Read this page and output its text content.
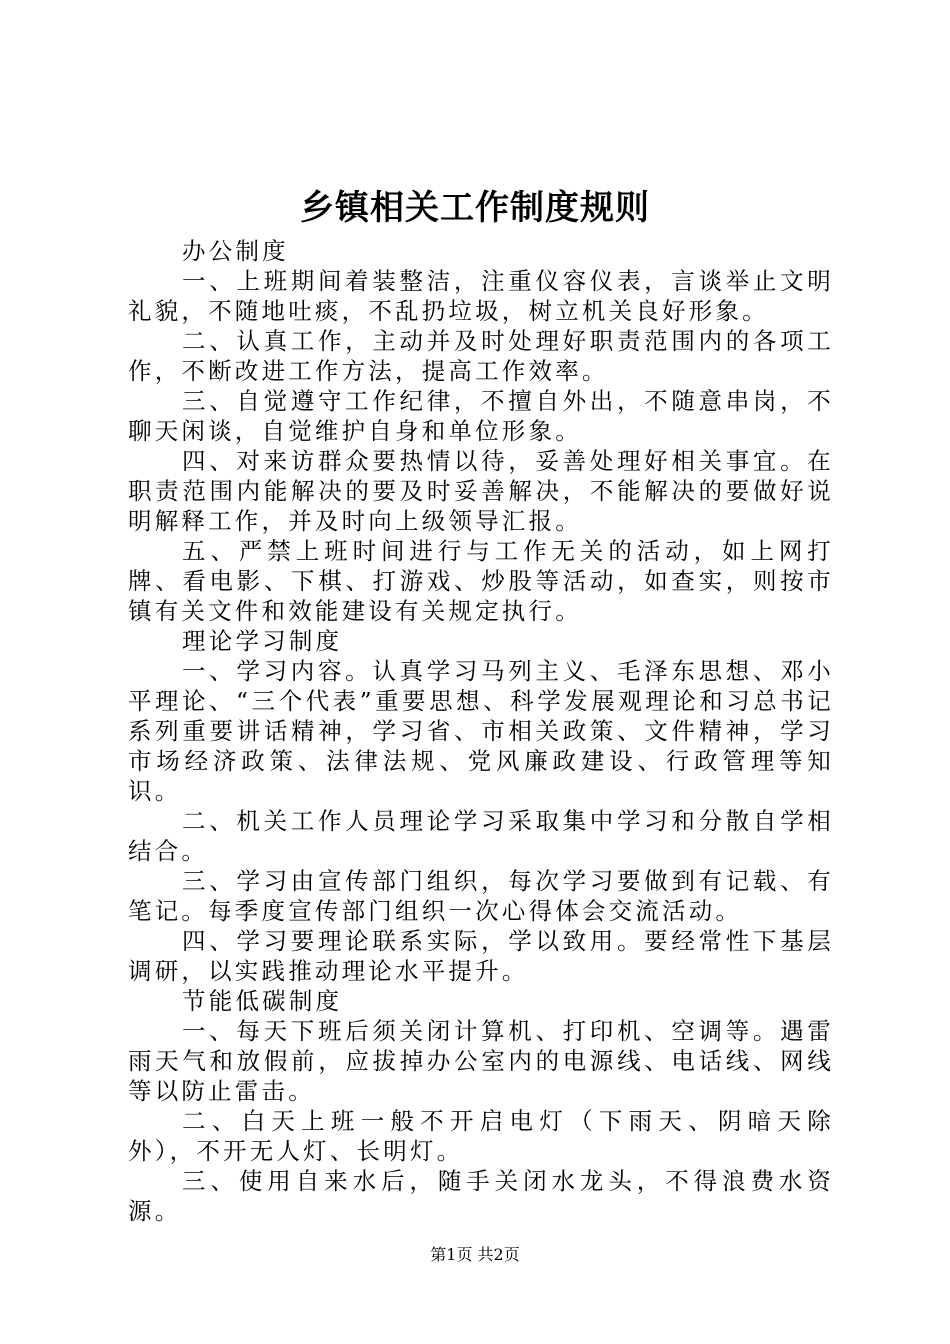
乡镇相关工作制度规则

办公制度

一、上班期间着装整洁，注重仪容仪表，言谈举止文明礼貌，不随地吐痰，不乱扔垃圾，树立机关良好形象。

二、认真工作，主动并及时处理好职责范围内的各项工作，不断改进工作方法，提高工作效率。

三、自觉遵守工作纪律，不擅自外出，不随意串岗，不聊天闲谈，自觉维护自身和单位形象。

四、对来访群众要热情以待，妥善处理好相关事宜。在职责范围内能解决的要及时妥善解决，不能解决的要做好说明解释工作，并及时向上级领导汇报。

五、严禁上班时间进行与工作无关的活动，如上网打牌、看电影、下棋、打游戏、炒股等活动，如查实，则按市镇有关文件和效能建设有关规定执行。

理论学习制度

一、学习内容。认真学习马列主义、毛泽东思想、邓小平理论、“三个代表”重要思想、科学发展观理论和习总书记系列重要讲话精神，学习省、市相关政策、文件精神，学习市场经济政策、法律法规、党风廉政建设、行政管理等知识。

二、机关工作人员理论学习采取集中学习和分散自学相结合。

三、学习由宣传部门组织，每次学习要做到有记载、有笔记。每季度宣传部门组织一次心得体会交流活动。

四、学习要理论联系实际，学以致用。要经常性下基层调研，以实践推动理论水平提升。

节能低碳制度

一、每天下班后须关闭计算机、打印机、空调等。遇雷雨天气和放假前，应拔掉办公室内的电源线、电话线、网线等以防止雷击。

二、白天上班一般不开启电灯（下雨天、阴暗天除外），不开无人灯、长明灯。

三、使用自来水后，随手关闭水龙头，不得浪费水资源。

第1页 共2页
